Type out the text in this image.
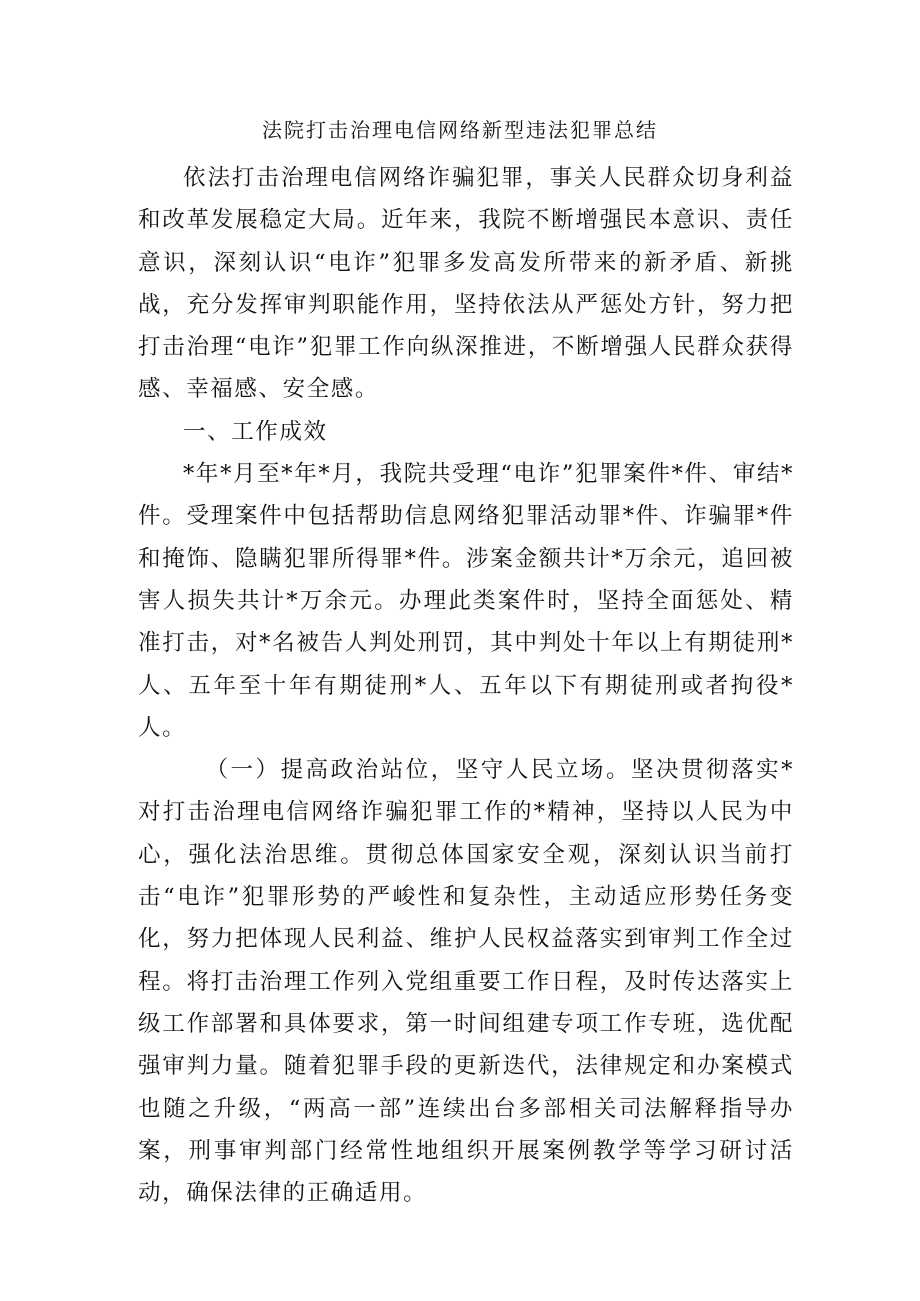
法院打击治理电信网络新型违法犯罪总结

依法打击治理电信网络诈骗犯罪，事关人民群众切身利益和改革发展稳定大局。近年来，我院不断增强民本意识、责任意识，深刻认识“电诈”犯罪多发高发所带来的新矛盾、新挑战，充分发挥审判职能作用，坚持依法从严惩处方针，努力把打击治理“电诈”犯罪工作向纵深推进，不断增强人民群众获得感、幸福感、安全感。

一、工作成效

*年*月至*年*月，我院共受理“电诈”犯罪案件*件、审结*件。受理案件中包括帮助信息网络犯罪活动罪*件、诈骗罪*件和掩饰、隐瞒犯罪所得罪*件。涉案金额共计*万余元，追回被害人损失共计*万余元。办理此类案件时，坚持全面惩处、精准打击，对*名被告人判处刑罚，其中判处十年以上有期徒刑*人、五年至十年有期徒刑*人、五年以下有期徒刑或者拘役*人。

（一）提高政治站位，坚守人民立场。坚决贯彻落实*对打击治理电信网络诈骗犯罪工作的*精神，坚持以人民为中心，强化法治思维。贯彻总体国家安全观，深刻认识当前打击“电诈”犯罪形势的严峻性和复杂性，主动适应形势任务变化，努力把体现人民利益、维护人民权益落实到审判工作全过程。将打击治理工作列入党组重要工作日程，及时传达落实上级工作部署和具体要求，第一时间组建专项工作专班，选优配强审判力量。随着犯罪手段的更新迭代，法律规定和办案模式也随之升级，“两高一部”连续出台多部相关司法解释指导办案，刑事审判部门经常性地组织开展案例教学等学习研讨活动，确保法律的正确适用。
